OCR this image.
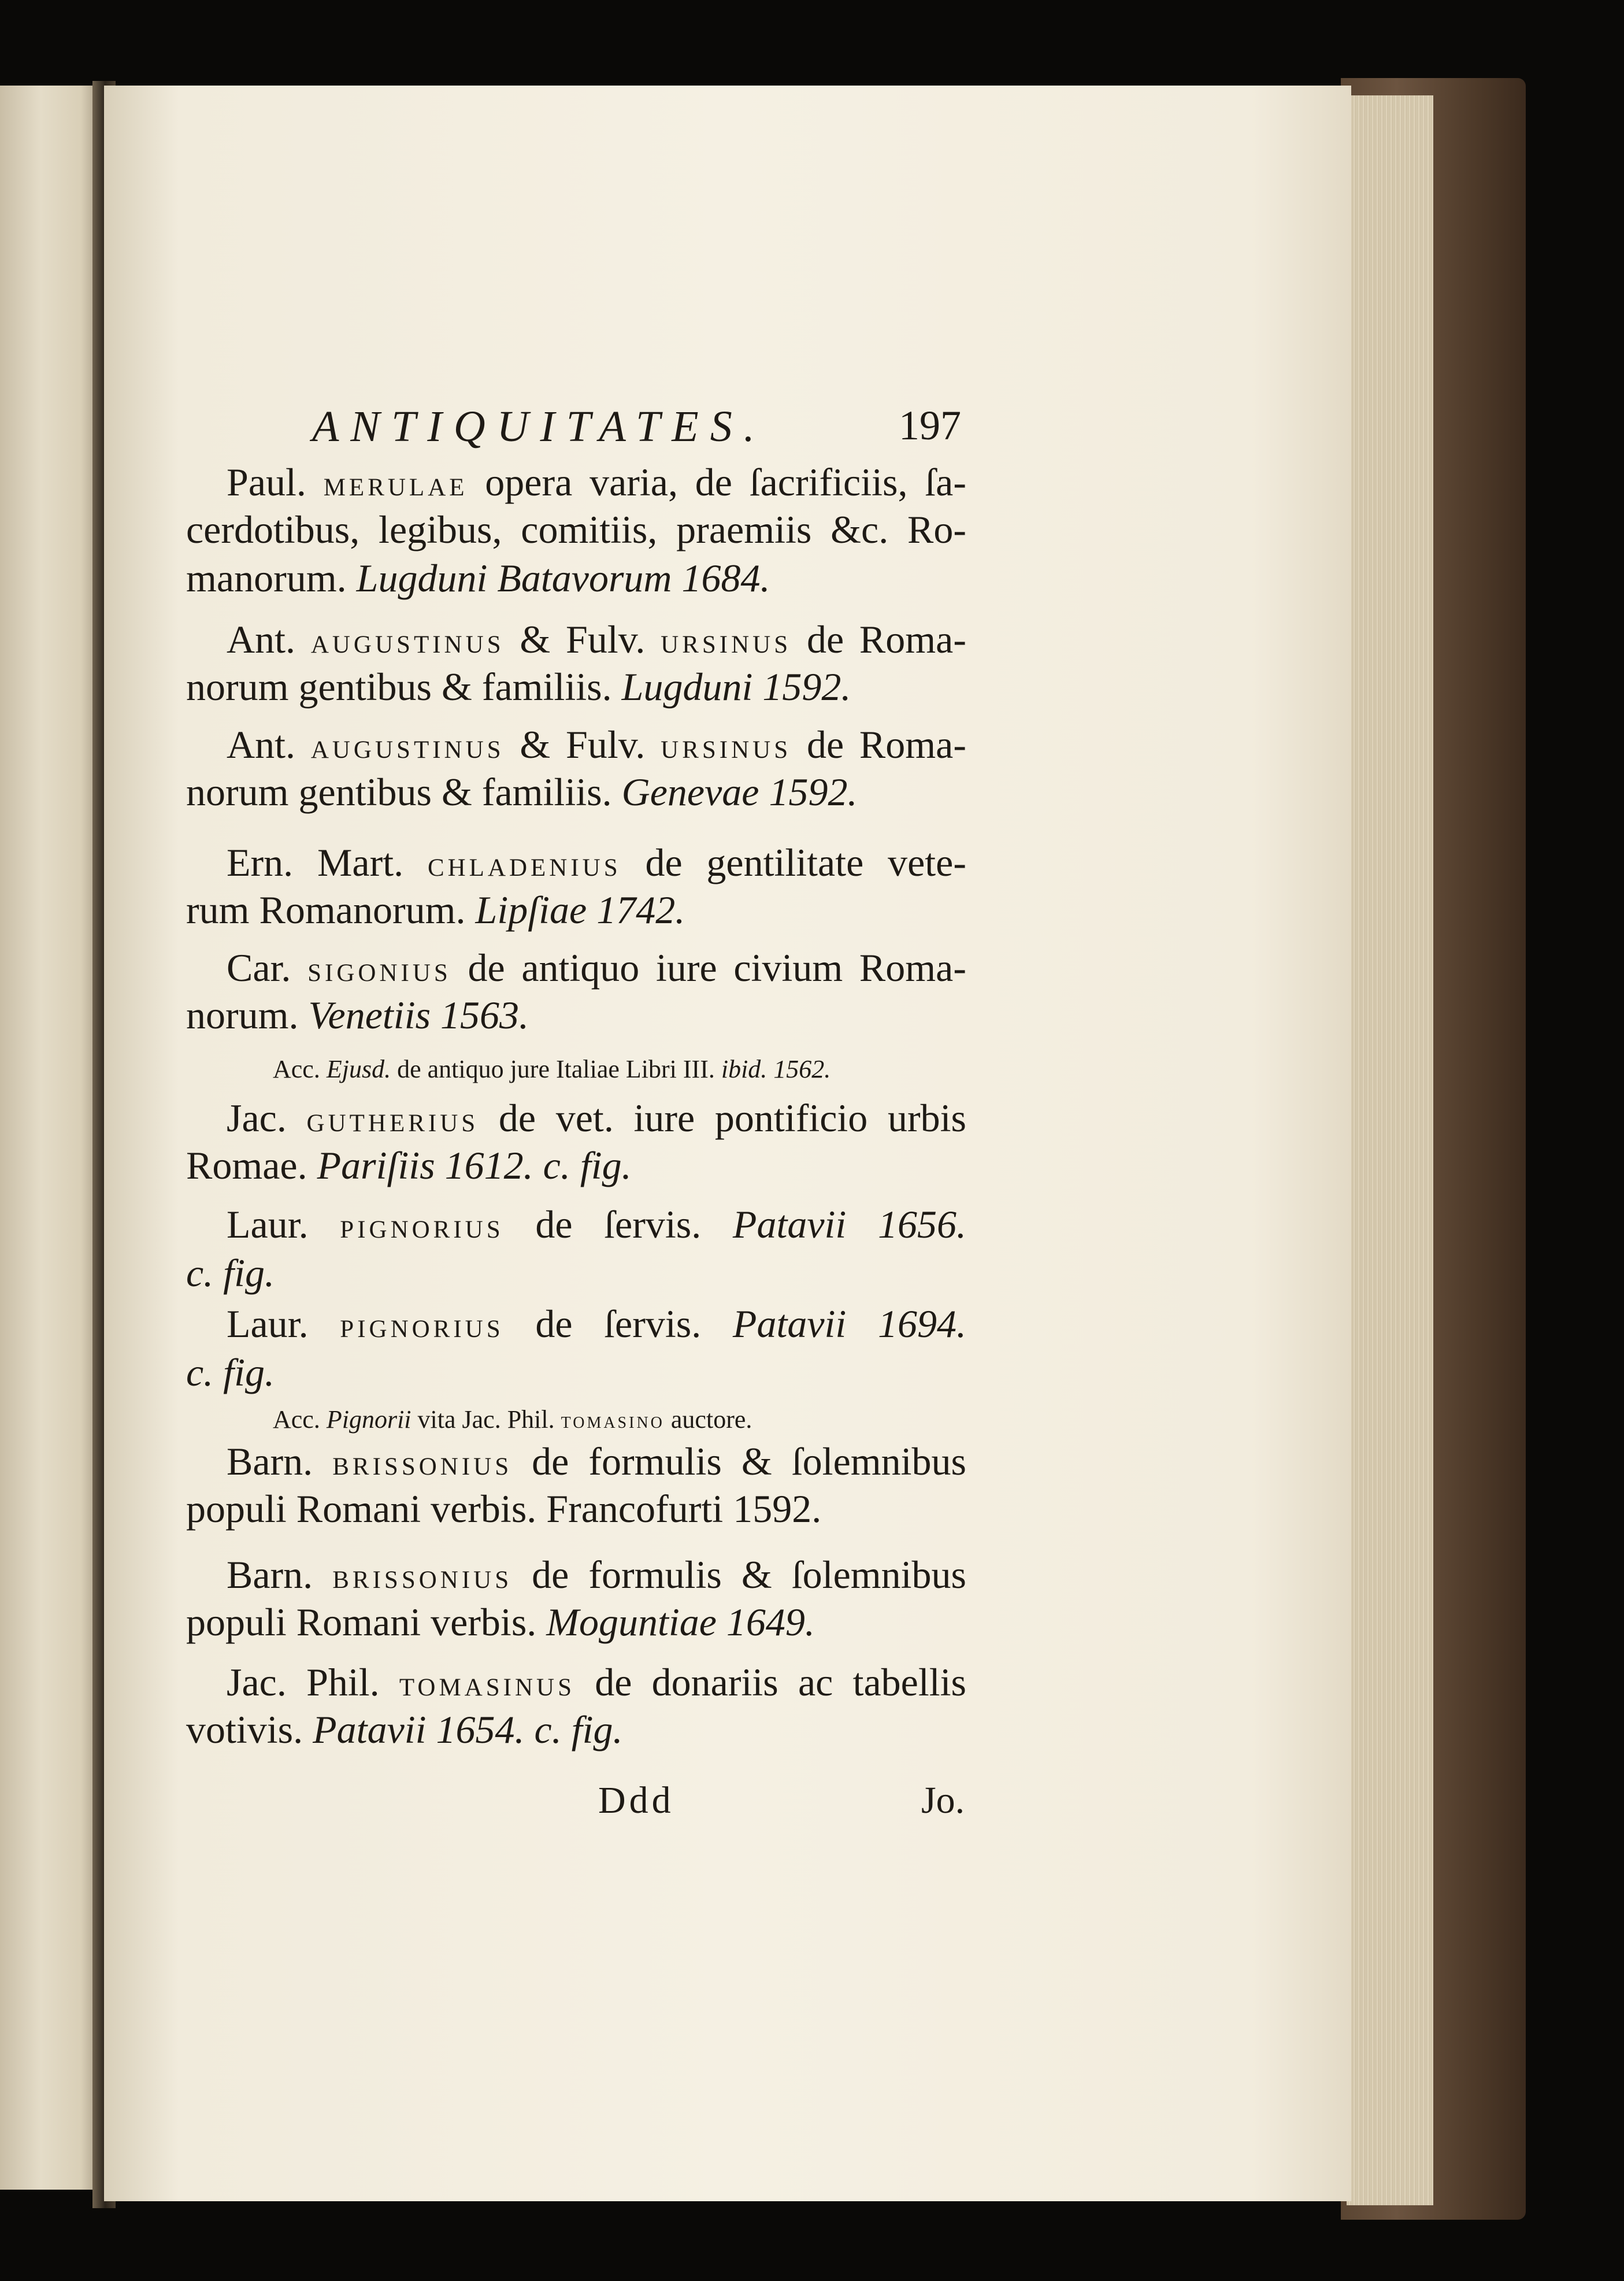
ANTIQUITATES.	197
Paul. merulae opera varia, de ſacrificiis, ſa-
cerdotibus, legibus, comitiis, praemiis &c. Ro-
manorum. Lugduni Batavorum 1684.
Ant. augustinus & Fulv. ursinus de Roma-
norum gentibus & familiis. Lugduni 1592.
Ant. augustinus & Fulv. ursinus de Roma-
norum gentibus & familiis. Genevae 1592.
Ern. Mart. chladenius de gentilitate vete-
rum Romanorum. Lipſiae 1742.
Car. sigonius de antiquo iure civium Roma-
norum. Venetiis 1563.
Acc. Ejusd. de antiquo jure Italiae Libri III. ibid. 1562.
Jac. gutherius de vet. iure pontificio urbis
Romae. Pariſiis 1612. c. fig.
Laur. pignorius de ſervis. Patavii 1656.
c. fig.
Laur. pignorius de ſervis. Patavii 1694.
c. fig.
Acc. Pignorii vita Jac. Phil. tomasino auctore.
Barn. brissonius de formulis & ſolemnibus
populi Romani verbis. Francofurti 1592.
Barn. brissonius de formulis & ſolemnibus
populi Romani verbis. Moguntiae 1649.
Jac. Phil. tomasinus de donariis ac tabellis
votivis. Patavii 1654. c. fig.
Ddd	Jo.
